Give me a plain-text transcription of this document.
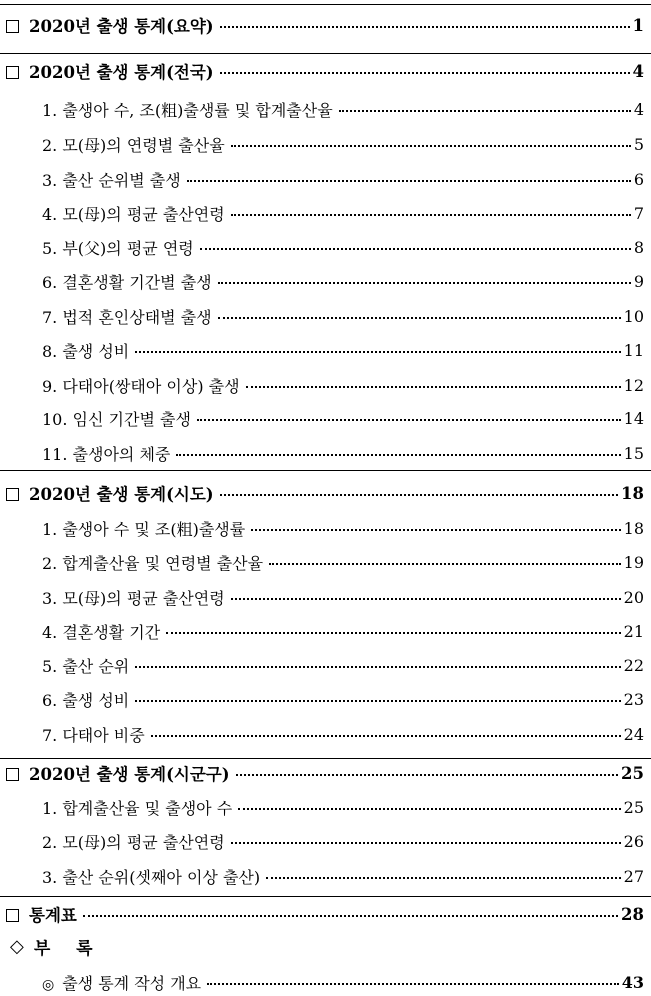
2020년 출생 통계(요약)	1
2020년 출생 통계(전국)	4
1. 출생아 수, 조(粗)출생률 및 합계출산율	4
2. 모(母)의 연령별 출산율	5
3. 출산 순위별 출생	6
4. 모(母)의 평균 출산연령	7
5. 부(父)의 평균 연령	8
6. 결혼생활 기간별 출생	9
7. 법적 혼인상태별 출생	10
8. 출생 성비	11
9. 다태아(쌍태아 이상) 출생	12
10. 임신 기간별 출생	14
11. 출생아의 체중	15
2020년 출생 통계(시도)	18
1. 출생아 수 및 조(粗)출생률	18
2. 합계출산율 및 연령별 출산율	19
3. 모(母)의 평균 출산연령	20
4. 결혼생활 기간	21
5. 출산 순위	22
6. 출생 성비	23
7. 다태아 비중	24
2020년 출생 통계(시군구)	25
1. 합계출산율 및 출생아 수	25
2. 모(母)의 평균 출산연령	26
3. 출산 순위(셋째아 이상 출산)	27
통계표	28
◇ 부 록
◎ 출생 통계 작성 개요	43
